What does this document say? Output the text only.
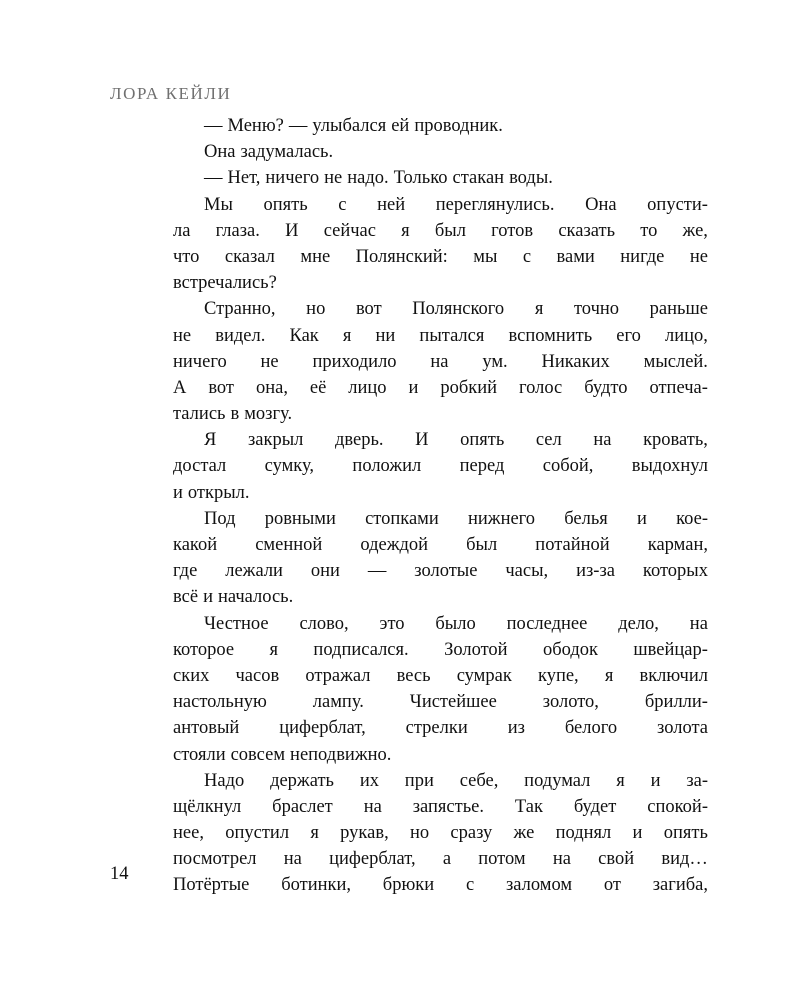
ЛОРА КЕЙЛИ
— Меню? — улыбался ей проводник.
Она задумалась.
— Нет, ничего не надо. Только стакан воды.
Мы опять с ней переглянулись. Она опусти-
ла глаза. И сейчас я был готов сказать то же,
что сказал мне Полянский: мы с вами нигде не
встречались?
Странно, но вот Полянского я точно раньше
не видел. Как я ни пытался вспомнить его лицо,
ничего не приходило на ум. Никаких мыслей.
А вот она, её лицо и робкий голос будто отпеча-
тались в мозгу.
Я закрыл дверь. И опять сел на кровать,
достал сумку, положил перед собой, выдохнул
и открыл.
Под ровными стопками нижнего белья и кое-
какой сменной одеждой был потайной карман,
где лежали они — золотые часы, из-за которых
всё и началось.
Честное слово, это было последнее дело, на
которое я подписался. Золотой ободок швейцар-
ских часов отражал весь сумрак купе, я включил
настольную лампу. Чистейшее золото, брилли-
антовый циферблат, стрелки из белого золота
стояли совсем неподвижно.
Надо держать их при себе, подумал я и за-
щёлкнул браслет на запястье. Так будет спокой-
нее, опустил я рукав, но сразу же поднял и опять
посмотрел на циферблат, а потом на свой вид…
Потёртые ботинки, брюки с заломом от загиба,
14
